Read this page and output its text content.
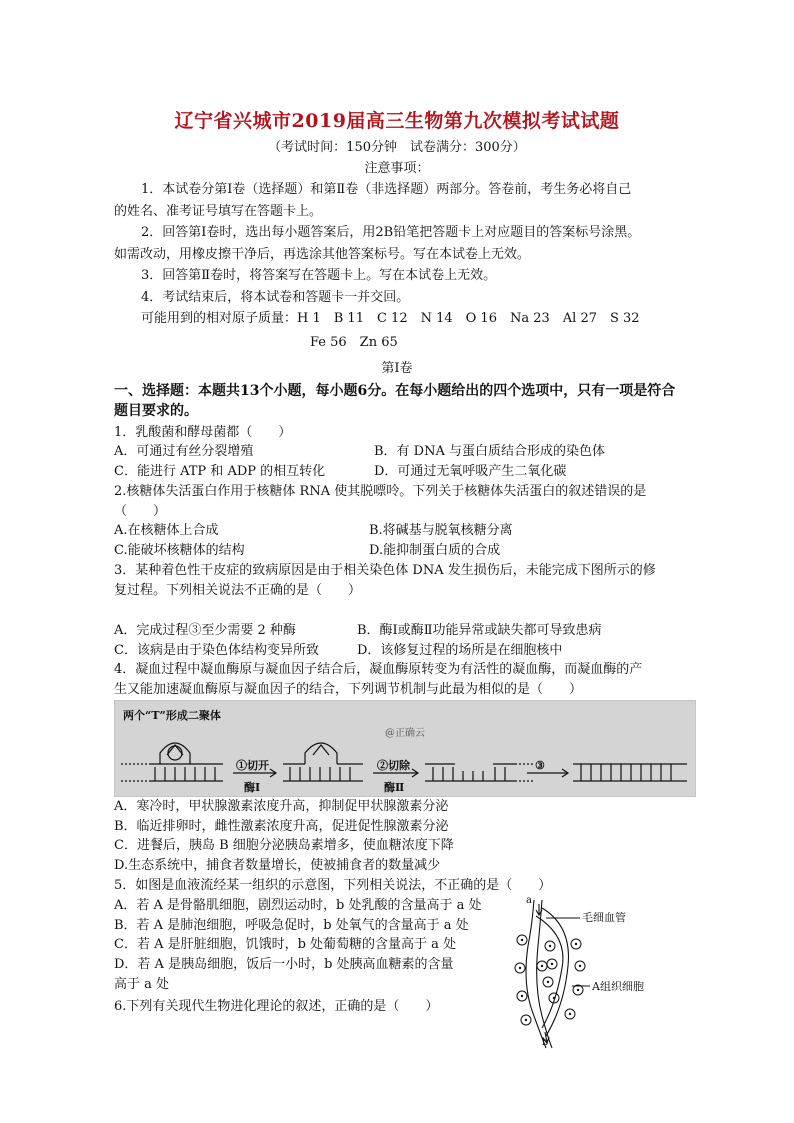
辽宁省兴城市2019届高三生物第九次模拟考试试题
（考试时间：150分钟　试卷满分：300分）
注意事项：
1．本试卷分第Ⅰ卷（选择题）和第Ⅱ卷（非选择题）两部分。答卷前，考生务必将自己
的姓名、准考证号填写在答题卡上。
2．回答第Ⅰ卷时，选出每小题答案后，用2B铅笔把答题卡上对应题目的答案标号涂黑。
如需改动，用橡皮擦干净后，再选涂其他答案标号。写在本试卷上无效。
3．回答第Ⅱ卷时，将答案写在答题卡上。写在本试卷上无效。
4．考试结束后，将本试卷和答题卡一并交回。
可能用到的相对原子质量：H 1　B 11　C 12　N 14　O 16　Na 23　Al 27　S 32
Fe 56　Zn 65
第Ⅰ卷
一、选择题：本题共13个小题，每小题6分。在每小题给出的四个选项中，只有一项是符合
题目要求的。
1．乳酸菌和酵母菌都（　　）
A．可通过有丝分裂增殖	B．有 DNA 与蛋白质结合形成的染色体
C．能进行 ATP 和 ADP 的相互转化	D．可通过无氧呼吸产生二氧化碳
2.核糖体失活蛋白作用于核糖体 RNA 使其脱嘌呤。下列关于核糖体失活蛋白的叙述错误的是
（　　）
A.在核糖体上合成	B.将碱基与脱氧核糖分离
C.能破坏核糖体的结构	D.能抑制蛋白质的合成
3．某种着色性干皮症的致病原因是由于相关染色体 DNA 发生损伤后，未能完成下图所示的修
复过程。下列相关说法不正确的是（　　）
A．完成过程③至少需要 2 种酶	B．酶Ⅰ或酶Ⅱ功能异常或缺失都可导致患病
C．该病是由于染色体结构变异所致	D．该修复过程的场所是在细胞核中
4．凝血过程中凝血酶原与凝血因子结合后，凝血酶原转变为有活性的凝血酶，而凝血酶的产
生又能加速凝血酶原与凝血因子的结合，下列调节机制与此最为相似的是（　　）
两个“T”形成二聚体
@正确云
①切开
酶Ⅰ
②切除
酶Ⅱ
③
A．寒冷时，甲状腺激素浓度升高，抑制促甲状腺激素分泌
B．临近排卵时，雌性激素浓度升高，促进促性腺激素分泌
C．进餐后，胰岛 B 细胞分泌胰岛素增多，使血糖浓度下降
D.生态系统中，捕食者数量增长，使被捕食者的数量减少
5．如图是血液流经某一组织的示意图，下列相关说法，不正确的是（　　）
A．若 A 是骨骼肌细胞，剧烈运动时，b 处乳酸的含量高于 a 处
B．若 A 是肺泡细胞，呼吸急促时，b 处氧气的含量高于 a 处
C．若 A 是肝脏细胞，饥饿时，b 处葡萄糖的含量高于 a 处
D．若 A 是胰岛细胞，饭后一小时，b 处胰高血糖素的含量
高于 a 处
毛细血管
A组织细胞
a
b
6.下列有关现代生物进化理论的叙述，正确的是（　　）
